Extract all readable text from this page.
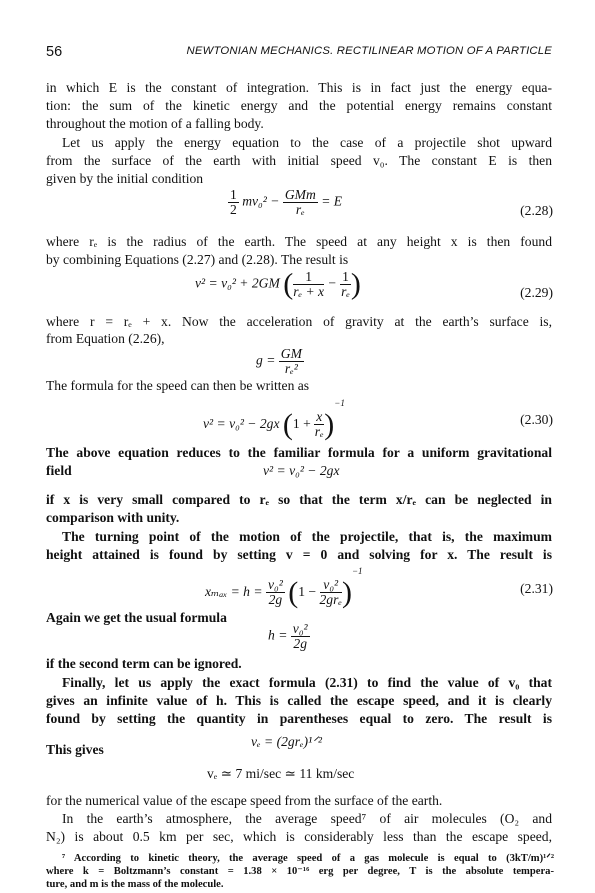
56	NEWTONIAN MECHANICS. RECTILINEAR MOTION OF A PARTICLE
in which E is the constant of integration. This is in fact just the energy equa-
tion: the sum of the kinetic energy and the potential energy remains constant
throughout the motion of a falling body.
Let us apply the energy equation to the case of a projectile shot upward
from the surface of the earth with initial speed v₀. The constant E is then
given by the initial condition
where rₑ is the radius of the earth. The speed at any height x is then found
by combining Equations (2.27) and (2.28). The result is
where r = rₑ + x. Now the acceleration of gravity at the earth’s surface is,
from Equation (2.26),
The formula for the speed can then be written as
The above equation reduces to the familiar formula for a uniform gravitational
field
if x is very small compared to rₑ so that the term x/rₑ can be neglected in
comparison with unity.
The turning point of the motion of the projectile, that is, the maximum
height attained is found by setting v = 0 and solving for x. The result is
Again we get the usual formula
if the second term can be ignored.
Finally, let us apply the exact formula (2.31) to find the value of v₀ that
gives an infinite value of h. This is called the escape speed, and it is clearly
found by setting the quantity in parentheses equal to zero. The result is
This gives
for the numerical value of the escape speed from the surface of the earth.
In the earth’s atmosphere, the average speed⁷ of air molecules (O₂ and
N₂) is about 0.5 km per sec, which is considerably less than the escape speed,
$\frac{1}{2} mv_0^2 - \frac{\text{GMm}}{\text{rₑ}} = E$
(2.28)
v² = v₀² + 2GM ( $\frac{1}{\text{rₑ + x}} - \frac{1}{\text{rₑ}}$ )	(2.29)
$g = \frac{GM}{\text{rₑ²}}$
v² = v₀² − 2gx $(1 + \frac{x}{\text{rₑ}} )^{-1}$
(2.30)
v² = v₀² − 2gx
$x_{max} = h = \frac{\text{v₀²}}{2g} (1 - \frac{\text{v₀²}}{\text{2grₑ}} )^{-1}$
(2.31)
$h = \frac{\text{v₀²}}{2g}$
vₑ = (2grₑ)¹ᐟ²
vₑ ≃ 7 mi/sec ≃ 11 km/sec
⁷ According to kinetic theory, the average speed of a gas molecule is equal to (3kT/m)¹ᐟ²
where k = Boltzmann’s constant = 1.38 × 10⁻¹⁶ erg per degree, T is the absolute tempera-
ture, and m is the mass of the molecule.
